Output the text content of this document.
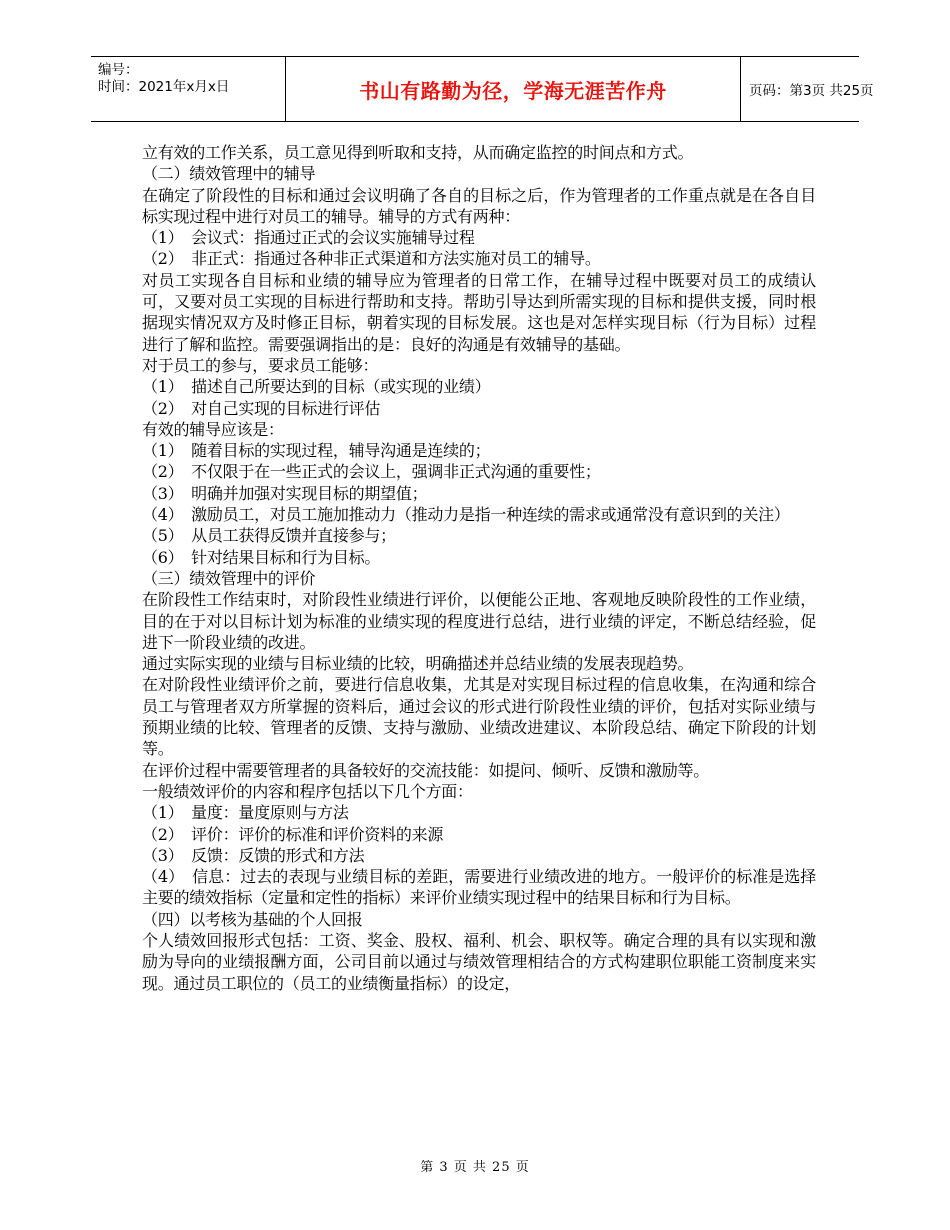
编号：
时间：2021年x月x日	书山有路勤为径，学海无涯苦作舟	页码：第3页 共25页

立有效的工作关系，员工意见得到听取和支持，从而确定监控的时间点和方式。

（二）绩效管理中的辅导

在确定了阶段性的目标和通过会议明确了各自的目标之后，作为管理者的工作重点就是在各自目标实现过程中进行对员工的辅导。辅导的方式有两种：

（1）　会议式：指通过正式的会议实施辅导过程

（2）　非正式：指通过各种非正式渠道和方法实施对员工的辅导。

对员工实现各自目标和业绩的辅导应为管理者的日常工作，在辅导过程中既要对员工的成绩认可，又要对员工实现的目标进行帮助和支持。帮助引导达到所需实现的目标和提供支援，同时根据现实情况双方及时修正目标，朝着实现的目标发展。这也是对怎样实现目标（行为目标）过程进行了解和监控。需要强调指出的是：良好的沟通是有效辅导的基础。

对于员工的参与，要求员工能够：

（1）　描述自己所要达到的目标（或实现的业绩）

（2）　对自己实现的目标进行评估

有效的辅导应该是：

（1）　随着目标的实现过程，辅导沟通是连续的；

（2）　不仅限于在一些正式的会议上，强调非正式沟通的重要性；

（3）　明确并加强对实现目标的期望值；

（4）　激励员工，对员工施加推动力（推动力是指一种连续的需求或通常没有意识到的关注）

（5）　从员工获得反馈并直接参与；

（6）　针对结果目标和行为目标。

（三）绩效管理中的评价

在阶段性工作结束时，对阶段性业绩进行评价，以便能公正地、客观地反映阶段性的工作业绩，目的在于对以目标计划为标准的业绩实现的程度进行总结，进行业绩的评定，不断总结经验，促进下一阶段业绩的改进。

通过实际实现的业绩与目标业绩的比较，明确描述并总结业绩的发展表现趋势。

在对阶段性业绩评价之前，要进行信息收集，尤其是对实现目标过程的信息收集，在沟通和综合员工与管理者双方所掌握的资料后，通过会议的形式进行阶段性业绩的评价，包括对实际业绩与预期业绩的比较、管理者的反馈、支持与激励、业绩改进建议、本阶段总结、确定下阶段的计划等。

在评价过程中需要管理者的具备较好的交流技能：如提问、倾听、反馈和激励等。

一般绩效评价的内容和程序包括以下几个方面：

（1）　量度：量度原则与方法

（2）　评价：评价的标准和评价资料的来源

（3）　反馈：反馈的形式和方法

（4）　信息：过去的表现与业绩目标的差距，需要进行业绩改进的地方。一般评价的标准是选择主要的绩效指标（定量和定性的指标）来评价业绩实现过程中的结果目标和行为目标。

（四）以考核为基础的个人回报

个人绩效回报形式包括：工资、奖金、股权、福利、机会、职权等。确定合理的具有以实现和激励为导向的业绩报酬方面，公司目前以通过与绩效管理相结合的方式构建职位职能工资制度来实现。通过员工职位的（员工的业绩衡量指标）的设定，

第 3 页 共 25 页
